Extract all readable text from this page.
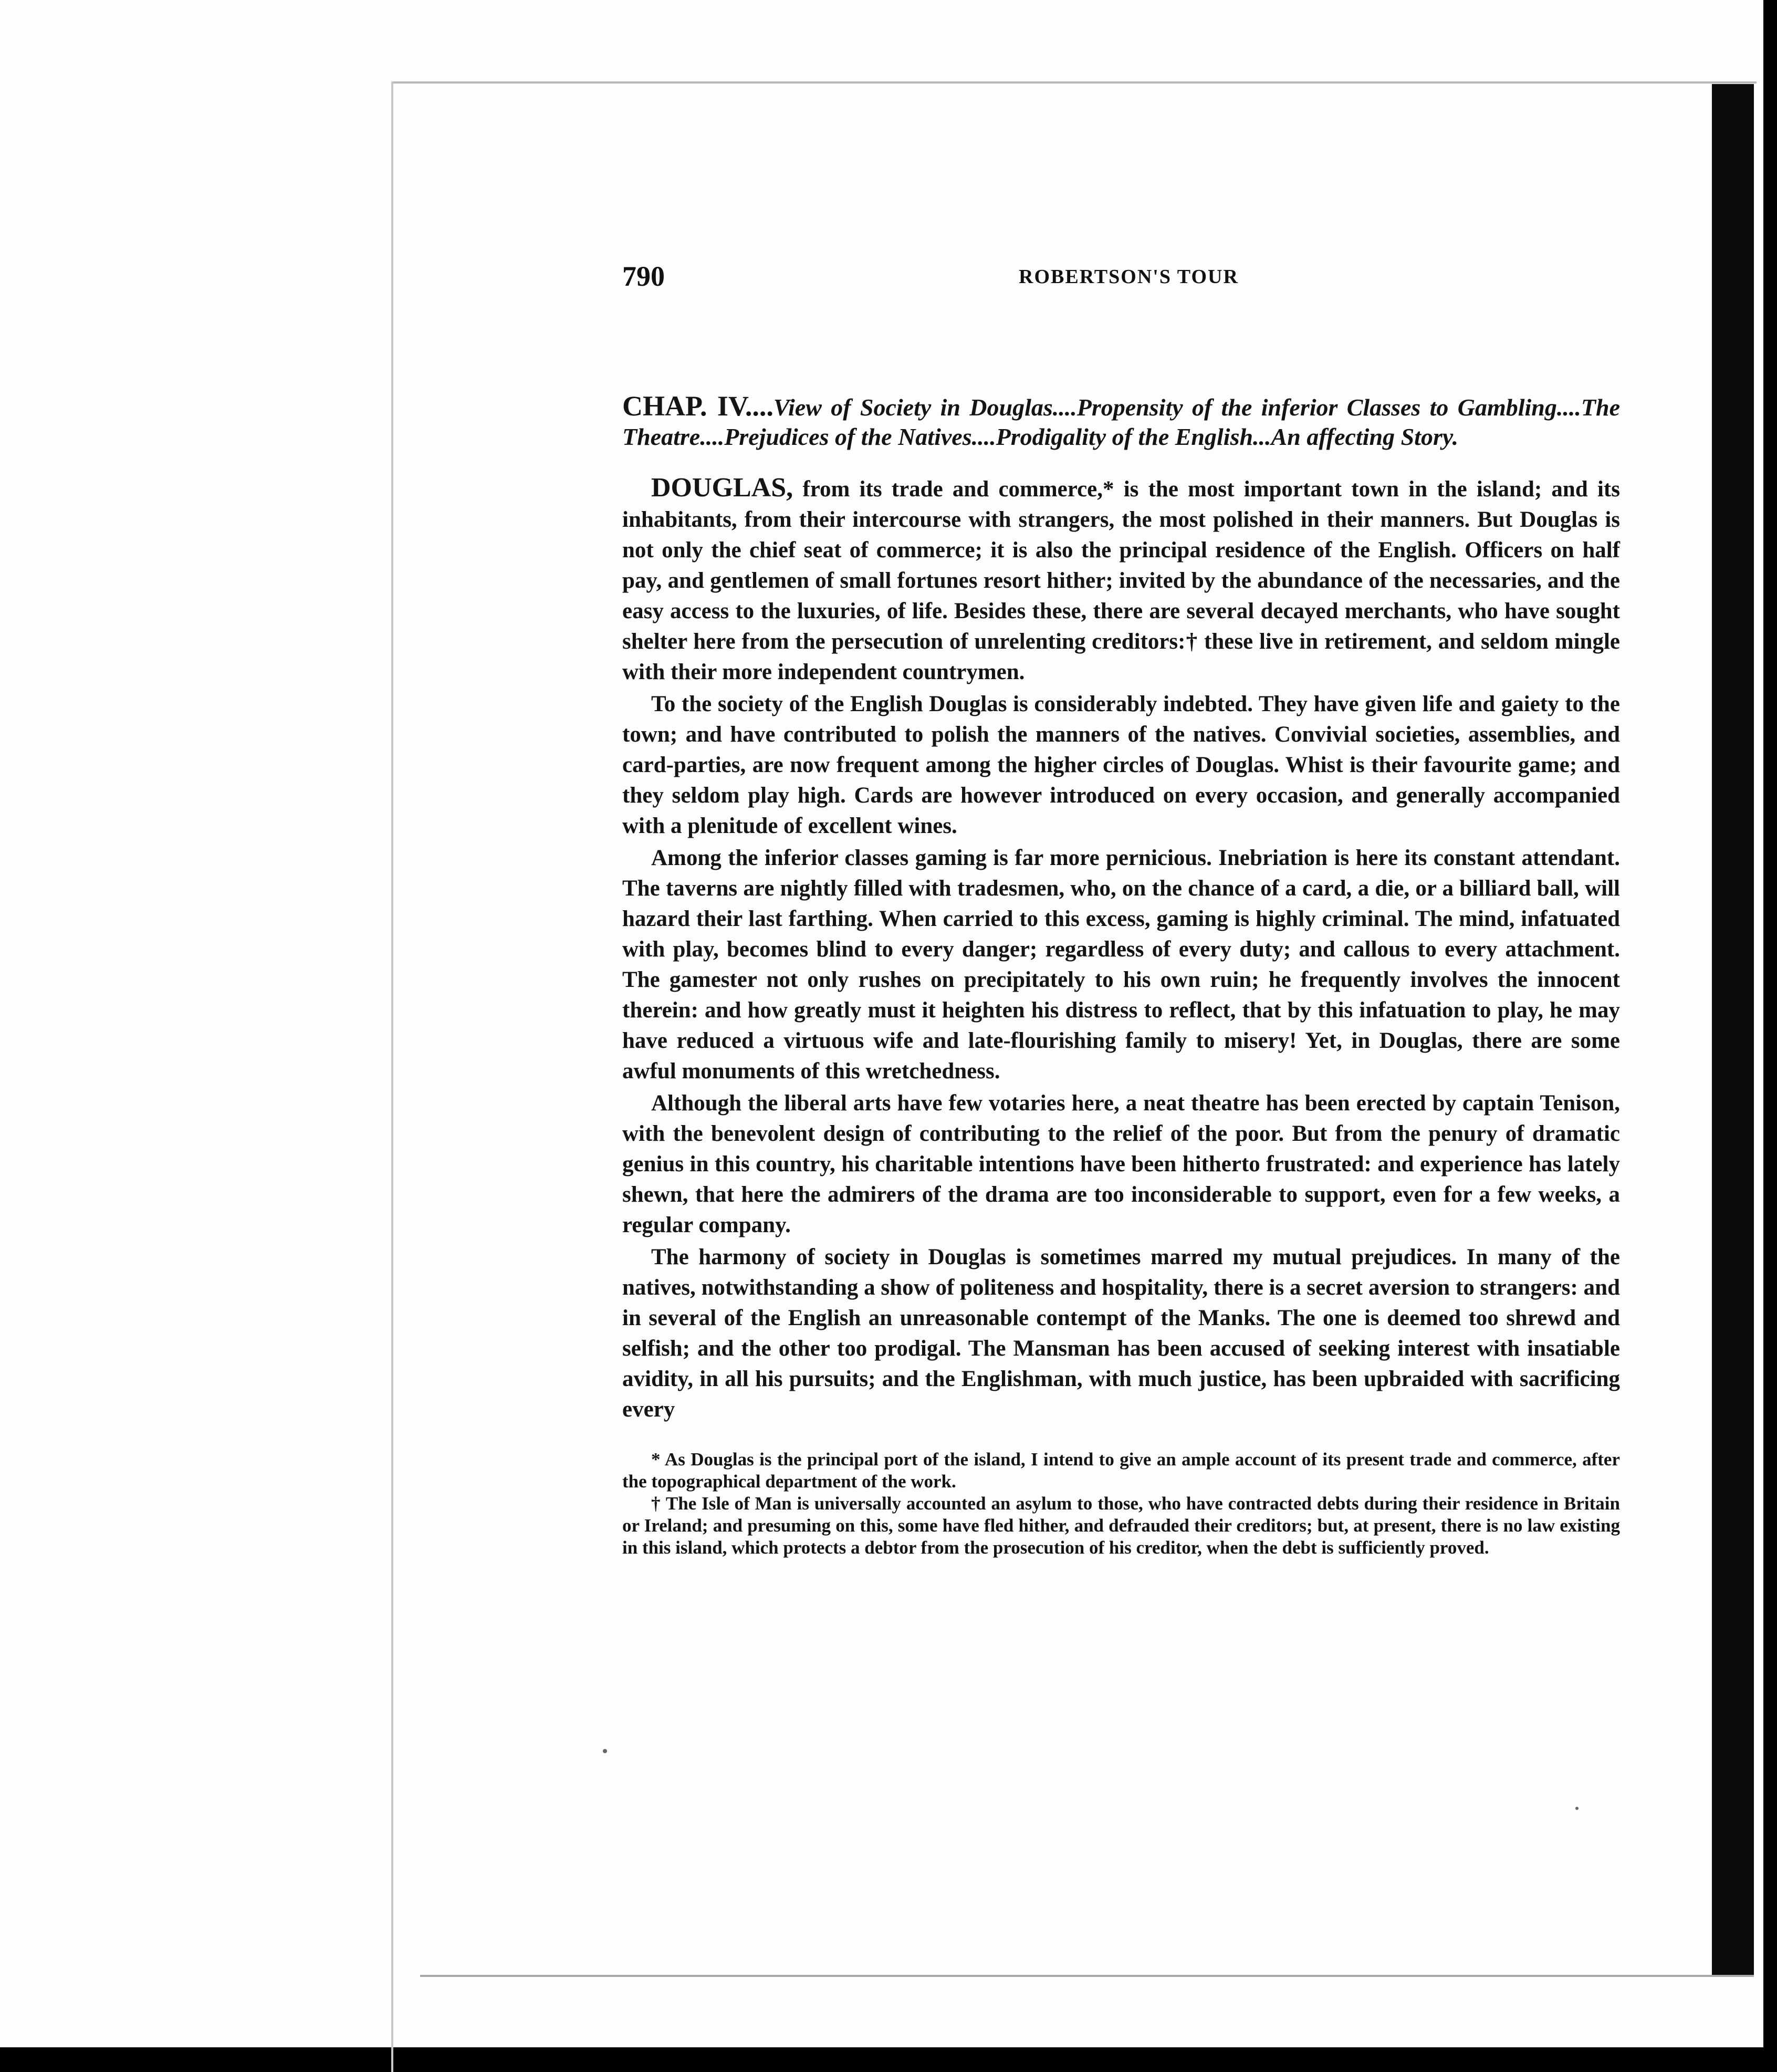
790	ROBERTSON'S TOUR

CHAP. IV....View of Society in Douglas....Propensity of the inferior Classes to Gambling....The Theatre....Prejudices of the Natives....Prodigality of the English...An affecting Story.

DOUGLAS, from its trade and commerce,* is the most important town in the island; and its inhabitants, from their intercourse with strangers, the most polished in their manners. But Douglas is not only the chief seat of commerce; it is also the principal residence of the English. Officers on half pay, and gentlemen of small fortunes resort hither; invited by the abundance of the necessaries, and the easy access to the luxuries, of life. Besides these, there are several decayed merchants, who have sought shelter here from the persecution of unrelenting creditors:† these live in retirement, and seldom mingle with their more independent countrymen.

To the society of the English Douglas is considerably indebted. They have given life and gaiety to the town; and have contributed to polish the manners of the natives. Convivial societies, assemblies, and card-parties, are now frequent among the higher circles of Douglas. Whist is their favourite game; and they seldom play high. Cards are however introduced on every occasion, and generally accompanied with a plenitude of excellent wines.

Among the inferior classes gaming is far more pernicious. Inebriation is here its constant attendant. The taverns are nightly filled with tradesmen, who, on the chance of a card, a die, or a billiard ball, will hazard their last farthing. When carried to this excess, gaming is highly criminal. The mind, infatuated with play, becomes blind to every danger; regardless of every duty; and callous to every attachment. The gamester not only rushes on precipitately to his own ruin; he frequently involves the innocent therein: and how greatly must it heighten his distress to reflect, that by this infatuation to play, he may have reduced a virtuous wife and late-flourishing family to misery! Yet, in Douglas, there are some awful monuments of this wretchedness.

Although the liberal arts have few votaries here, a neat theatre has been erected by captain Tenison, with the benevolent design of contributing to the relief of the poor. But from the penury of dramatic genius in this country, his charitable intentions have been hitherto frustrated: and experience has lately shewn, that here the admirers of the drama are too inconsiderable to support, even for a few weeks, a regular company.

The harmony of society in Douglas is sometimes marred my mutual prejudices. In many of the natives, notwithstanding a show of politeness and hospitality, there is a secret aversion to strangers: and in several of the English an unreasonable contempt of the Manks. The one is deemed too shrewd and selfish; and the other too prodigal. The Mansman has been accused of seeking interest with insatiable avidity, in all his pursuits; and the Englishman, with much justice, has been upbraided with sacrificing every

* As Douglas is the principal port of the island, I intend to give an ample account of its present trade and commerce, after the topographical department of the work.

† The Isle of Man is universally accounted an asylum to those, who have contracted debts during their residence in Britain or Ireland; and presuming on this, some have fled hither, and defrauded their creditors; but, at present, there is no law existing in this island, which protects a debtor from the prosecution of his creditor, when the debt is sufficiently proved.
